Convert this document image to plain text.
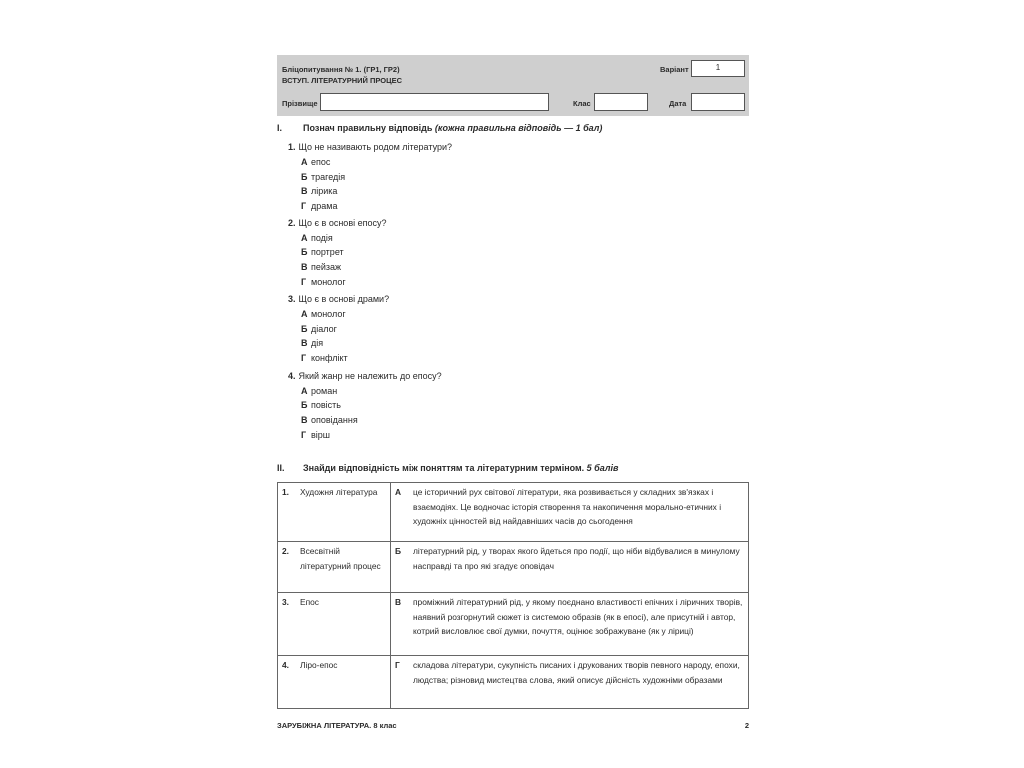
Бліцопитування № 1. (ГР1, ГР2)
ВСТУП. ЛІТЕРАТУРНИЙ ПРОЦЕС
Варіант	1
Прізвище	Клас	Дата
I. Познач правильну відповідь (кожна правильна відповідь — 1 бал)
1. Що не називають родом літератури?
А епос
Б трагедія
В лірика
Г драма
2. Що є в основі епосу?
А подія
Б портрет
В пейзаж
Г монолог
3. Що є в основі драми?
А монолог
Б діалог
В дія
Г конфлікт
4. Який жанр не належить до епосу?
А роман
Б повість
В оповідання
Г вірш
II. Знайди відповідність між поняттям та літературним терміном. 5 балів
1.	Художня література	А	це історичний рух світової літератури, яка розвивається у складних зв'язках і взаємодіях. Це водночас історія створення та накопичення морально-етичних і художніх цінностей від найдавніших часів до сьогодення
2.	Всесвітній літературний процес	Б	літературний рід, у творах якого йдеться про події, що ніби відбувалися в минулому насправді та про які згадує оповідач
3.	Епос	В	проміжний літературний рід, у якому поєднано властивості епічних і ліричних творів, наявний розгорнутий сюжет із системою образів (як в епосі), але присутній і автор, котрий висловлює свої думки, почуття, оцінює зображуване (як у ліриці)
4.	Ліро-епос	Г	складова літератури, сукупність писаних і друкованих творів певного народу, епохи, людства; різновид мистецтва слова, який описує дійсність художніми образами
ЗАРУБІЖНА ЛІТЕРАТУРА. 8 клас	2
